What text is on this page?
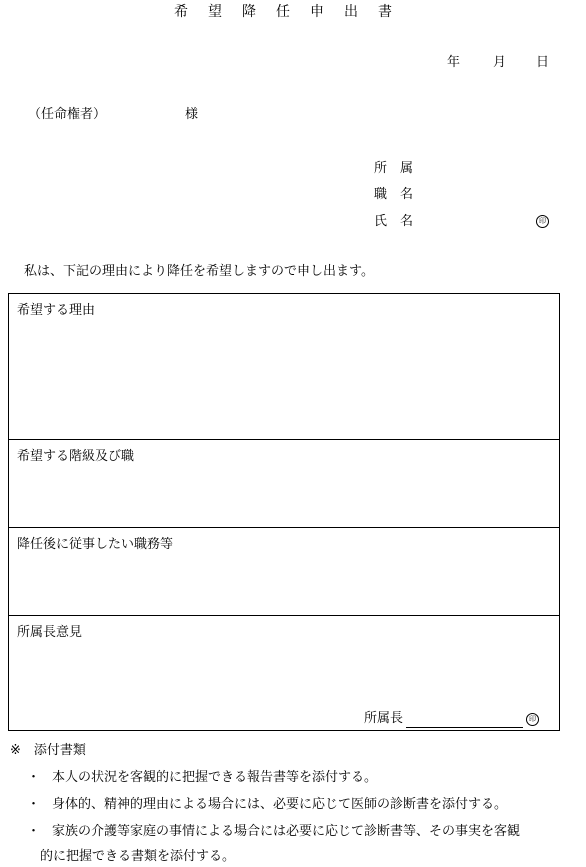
希望降任申出書
年	月 日
（任命権者）	様
所　属
職　名
氏　名	印
私は、下記の理由により降任を希望しますので申し出ます。
希望する理由
希望する階級及び職
降任後に従事したい職務等
所属長意見
所属長	印
※　添付書類
・ 本人の状況を客観的に把握できる報告書等を添付する。
・ 身体的、精神的理由による場合には、必要に応じて医師の診断書を添付する。
・ 家族の介護等家庭の事情による場合には必要に応じて診断書等、その事実を客観
的に把握できる書類を添付する。
